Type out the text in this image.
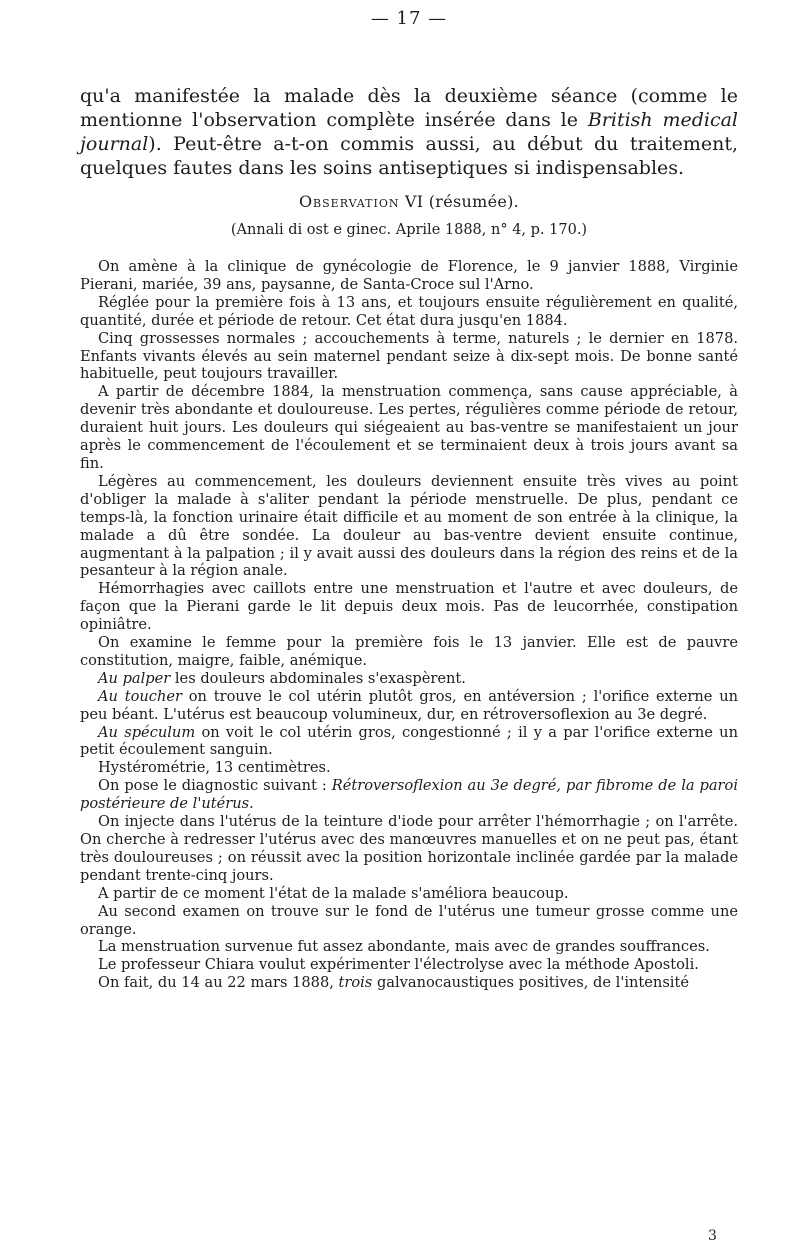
— 17 —

qu'a manifestée la malade dès la deuxième séance (comme le mentionne l'observation complète insérée dans le British medical journal). Peut-être a-t-on commis aussi, au début du traitement, quelques fautes dans les soins antiseptiques si indispensables.

Observation VI (résumée).
(Annali di ost e ginec. Aprile 1888, n° 4, p. 170.)

On amène à la clinique de gynécologie de Florence, le 9 janvier 1888, Virginie Pierani, mariée, 39 ans, paysanne, de Santa-Croce sul l'Arno.

Réglée pour la première fois à 13 ans, et toujours ensuite régulièrement en qualité, quantité, durée et période de retour. Cet état dura jusqu'en 1884.

Cinq grossesses normales ; accouchements à terme, naturels ; le dernier en 1878. Enfants vivants élevés au sein maternel pendant seize à dix-sept mois. De bonne santé habituelle, peut toujours travailler.

A partir de décembre 1884, la menstruation commença, sans cause appréciable, à devenir très abondante et douloureuse. Les pertes, régulières comme période de retour, duraient huit jours. Les douleurs qui siégeaient au bas-ventre se manifestaient un jour après le commencement de l'écoulement et se terminaient deux à trois jours avant sa fin.

Légères au commencement, les douleurs deviennent ensuite très vives au point d'obliger la malade à s'aliter pendant la période menstruelle. De plus, pendant ce temps-là, la fonction urinaire était difficile et au moment de son entrée à la clinique, la malade a dû être sondée. La douleur au bas-ventre devient ensuite continue, augmentant à la palpation ; il y avait aussi des douleurs dans la région des reins et de la pesanteur à la région anale.

Hémorrhagies avec caillots entre une menstruation et l'autre et avec douleurs, de façon que la Pierani garde le lit depuis deux mois. Pas de leucorrhée, constipation opiniâtre.

On examine le femme pour la première fois le 13 janvier. Elle est de pauvre constitution, maigre, faible, anémique.

Au palper les douleurs abdominales s'exaspèrent.

Au toucher on trouve le col utérin plutôt gros, en antéversion ; l'orifice externe un peu béant. L'utérus est beaucoup volumineux, dur, en rétroversoflexion au 3e degré.

Au spéculum on voit le col utérin gros, congestionné ; il y a par l'orifice externe un petit écoulement sanguin.

Hystérométrie, 13 centimètres.

On pose le diagnostic suivant : Rétroversoflexion au 3e degré, par fibrome de la paroi postérieure de l'utérus.

On injecte dans l'utérus de la teinture d'iode pour arrêter l'hémorrhagie ; on l'arrête. On cherche à redresser l'utérus avec des manœuvres manuelles et on ne peut pas, étant très douloureuses ; on réussit avec la position horizontale inclinée gardée par la malade pendant trente-cinq jours.

A partir de ce moment l'état de la malade s'améliora beaucoup.

Au second examen on trouve sur le fond de l'utérus une tumeur grosse comme une orange.

La menstruation survenue fut assez abondante, mais avec de grandes souffrances.

Le professeur Chiara voulut expérimenter l'électrolyse avec la méthode Apostoli.

On fait, du 14 au 22 mars 1888, trois galvanocaustiques positives, de l'intensité

3
